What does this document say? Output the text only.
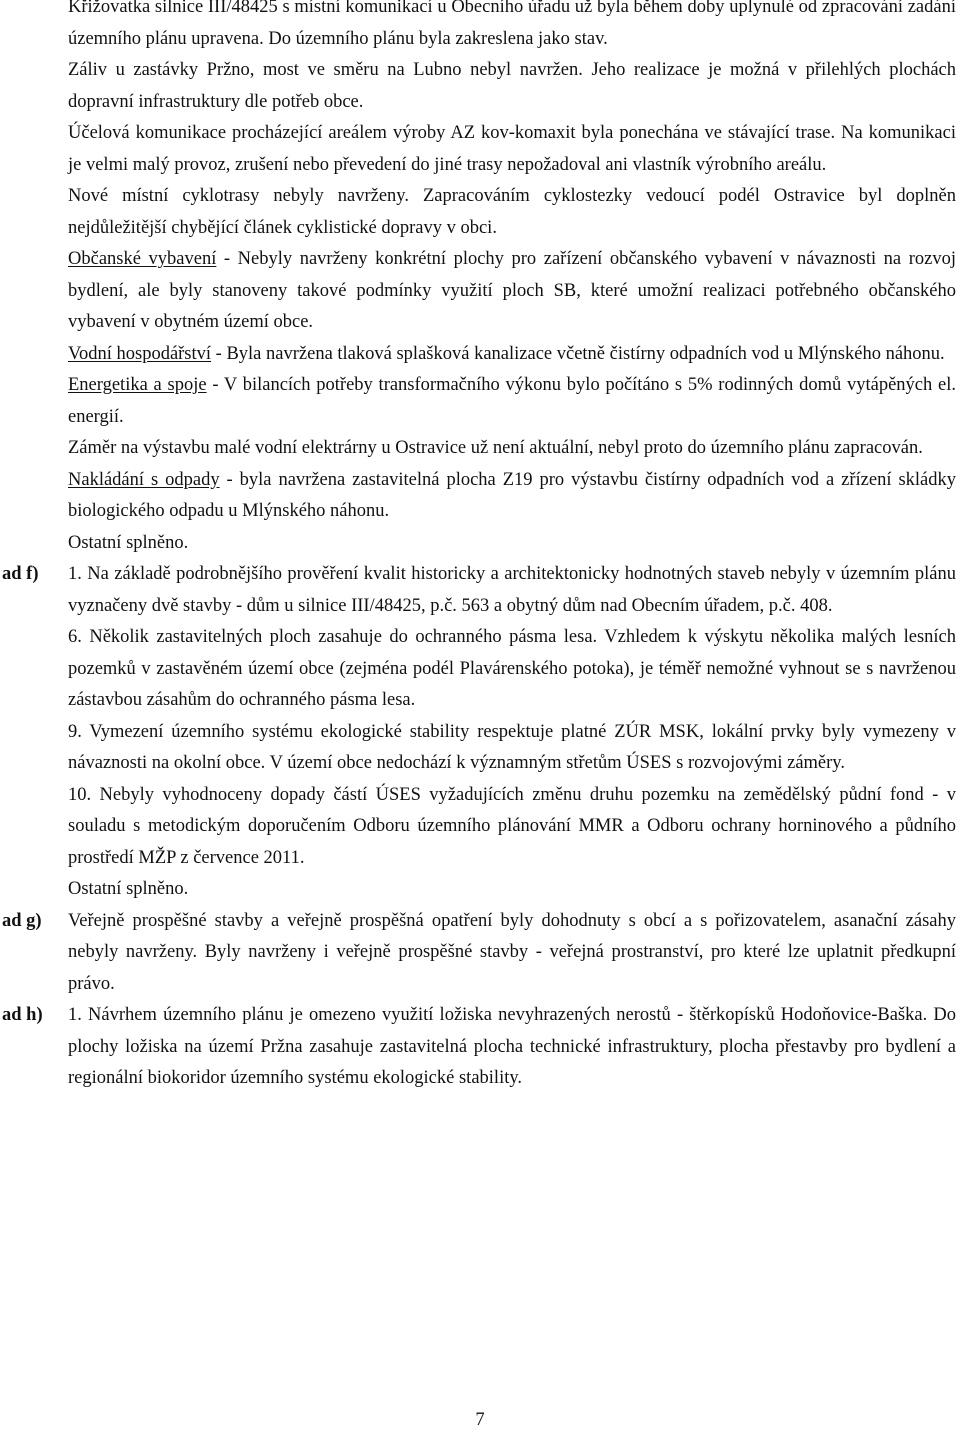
Křižovatka silnice III/48425 s místní komunikací u Obecního úřadu už byla během doby uplynulé od zpracování zadání územního plánu upravena. Do územního plánu byla zakreslena jako stav.

Záliv u zastávky Pržno, most ve směru na Lubno nebyl navržen. Jeho realizace je možná v přilehlých plochách dopravní infrastruktury dle potřeb obce.

Účelová komunikace procházející areálem výroby AZ kov-komaxit byla ponechána ve stávající trase. Na komunikaci je velmi malý provoz, zrušení nebo převedení do jiné trasy nepožadoval ani vlastník výrobního areálu.

Nové místní cyklotrasy nebyly navrženy. Zapracováním cyklostezky vedoucí podél Ostravice byl doplněn nejdůležitější chybějící článek cyklistické dopravy v obci.

Občanské vybavení - Nebyly navrženy konkrétní plochy pro zařízení občanského vybavení v návaznosti na rozvoj bydlení, ale byly stanoveny takové podmínky využití ploch SB, které umožní realizaci potřebného občanského vybavení v obytném území obce.

Vodní hospodářství - Byla navržena tlaková splašková kanalizace včetně čistírny odpadních vod u Mlýnského náhonu.

Energetika a spoje - V bilancích potřeby transformačního výkonu bylo počítáno s 5% rodinných domů vytápěných el. energií.

Záměr na výstavbu malé vodní elektrárny u Ostravice už není aktuální, nebyl proto do územního plánu zapracován.

Nakládání s odpady - byla navržena zastavitelná plocha Z19 pro výstavbu čistírny odpadních vod a zřízení skládky biologického odpadu u Mlýnského náhonu.

Ostatní splněno.

ad f)	1. Na základě podrobnějšího prověření kvalit historicky a architektonicky hodnotných staveb nebyly v územním plánu vyznačeny dvě stavby - dům u silnice III/48425, p.č. 563 a obytný dům nad Obecním úřadem, p.č. 408.

6. Několik zastavitelných ploch zasahuje do ochranného pásma lesa. Vzhledem k výskytu několika malých lesních pozemků v zastavěném území obce (zejména podél Plavárenského potoka), je téměř nemožné vyhnout se s navrženou zástavbou zásahům do ochranného pásma lesa.

9. Vymezení územního systému ekologické stability respektuje platné ZÚR MSK, lokální prvky byly vymezeny v návaznosti na okolní obce. V území obce nedochází k významným střetům ÚSES s rozvojovými záměry.

10. Nebyly vyhodnoceny dopady částí ÚSES vyžadujících změnu druhu pozemku na zemědělský půdní fond - v souladu s metodickým doporučením Odboru územního plánování MMR a Odboru ochrany horninového a půdního prostředí MŽP z července 2011.

Ostatní splněno.

ad g)	Veřejně prospěšné stavby a veřejně prospěšná opatření byly dohodnuty s obcí a s pořizovatelem, asanační zásahy nebyly navrženy. Byly navrženy i veřejně prospěšné stavby - veřejná prostranství, pro které lze uplatnit předkupní právo.

ad h)	1. Návrhem územního plánu je omezeno využití ložiska nevyhrazených nerostů - štěrkopísků Hodoňovice-Baška. Do plochy ložiska na území Pržna zasahuje zastavitelná plocha technické infrastruktury, plocha přestavby pro bydlení a regionální biokoridor územního systému ekologické stability.

7
